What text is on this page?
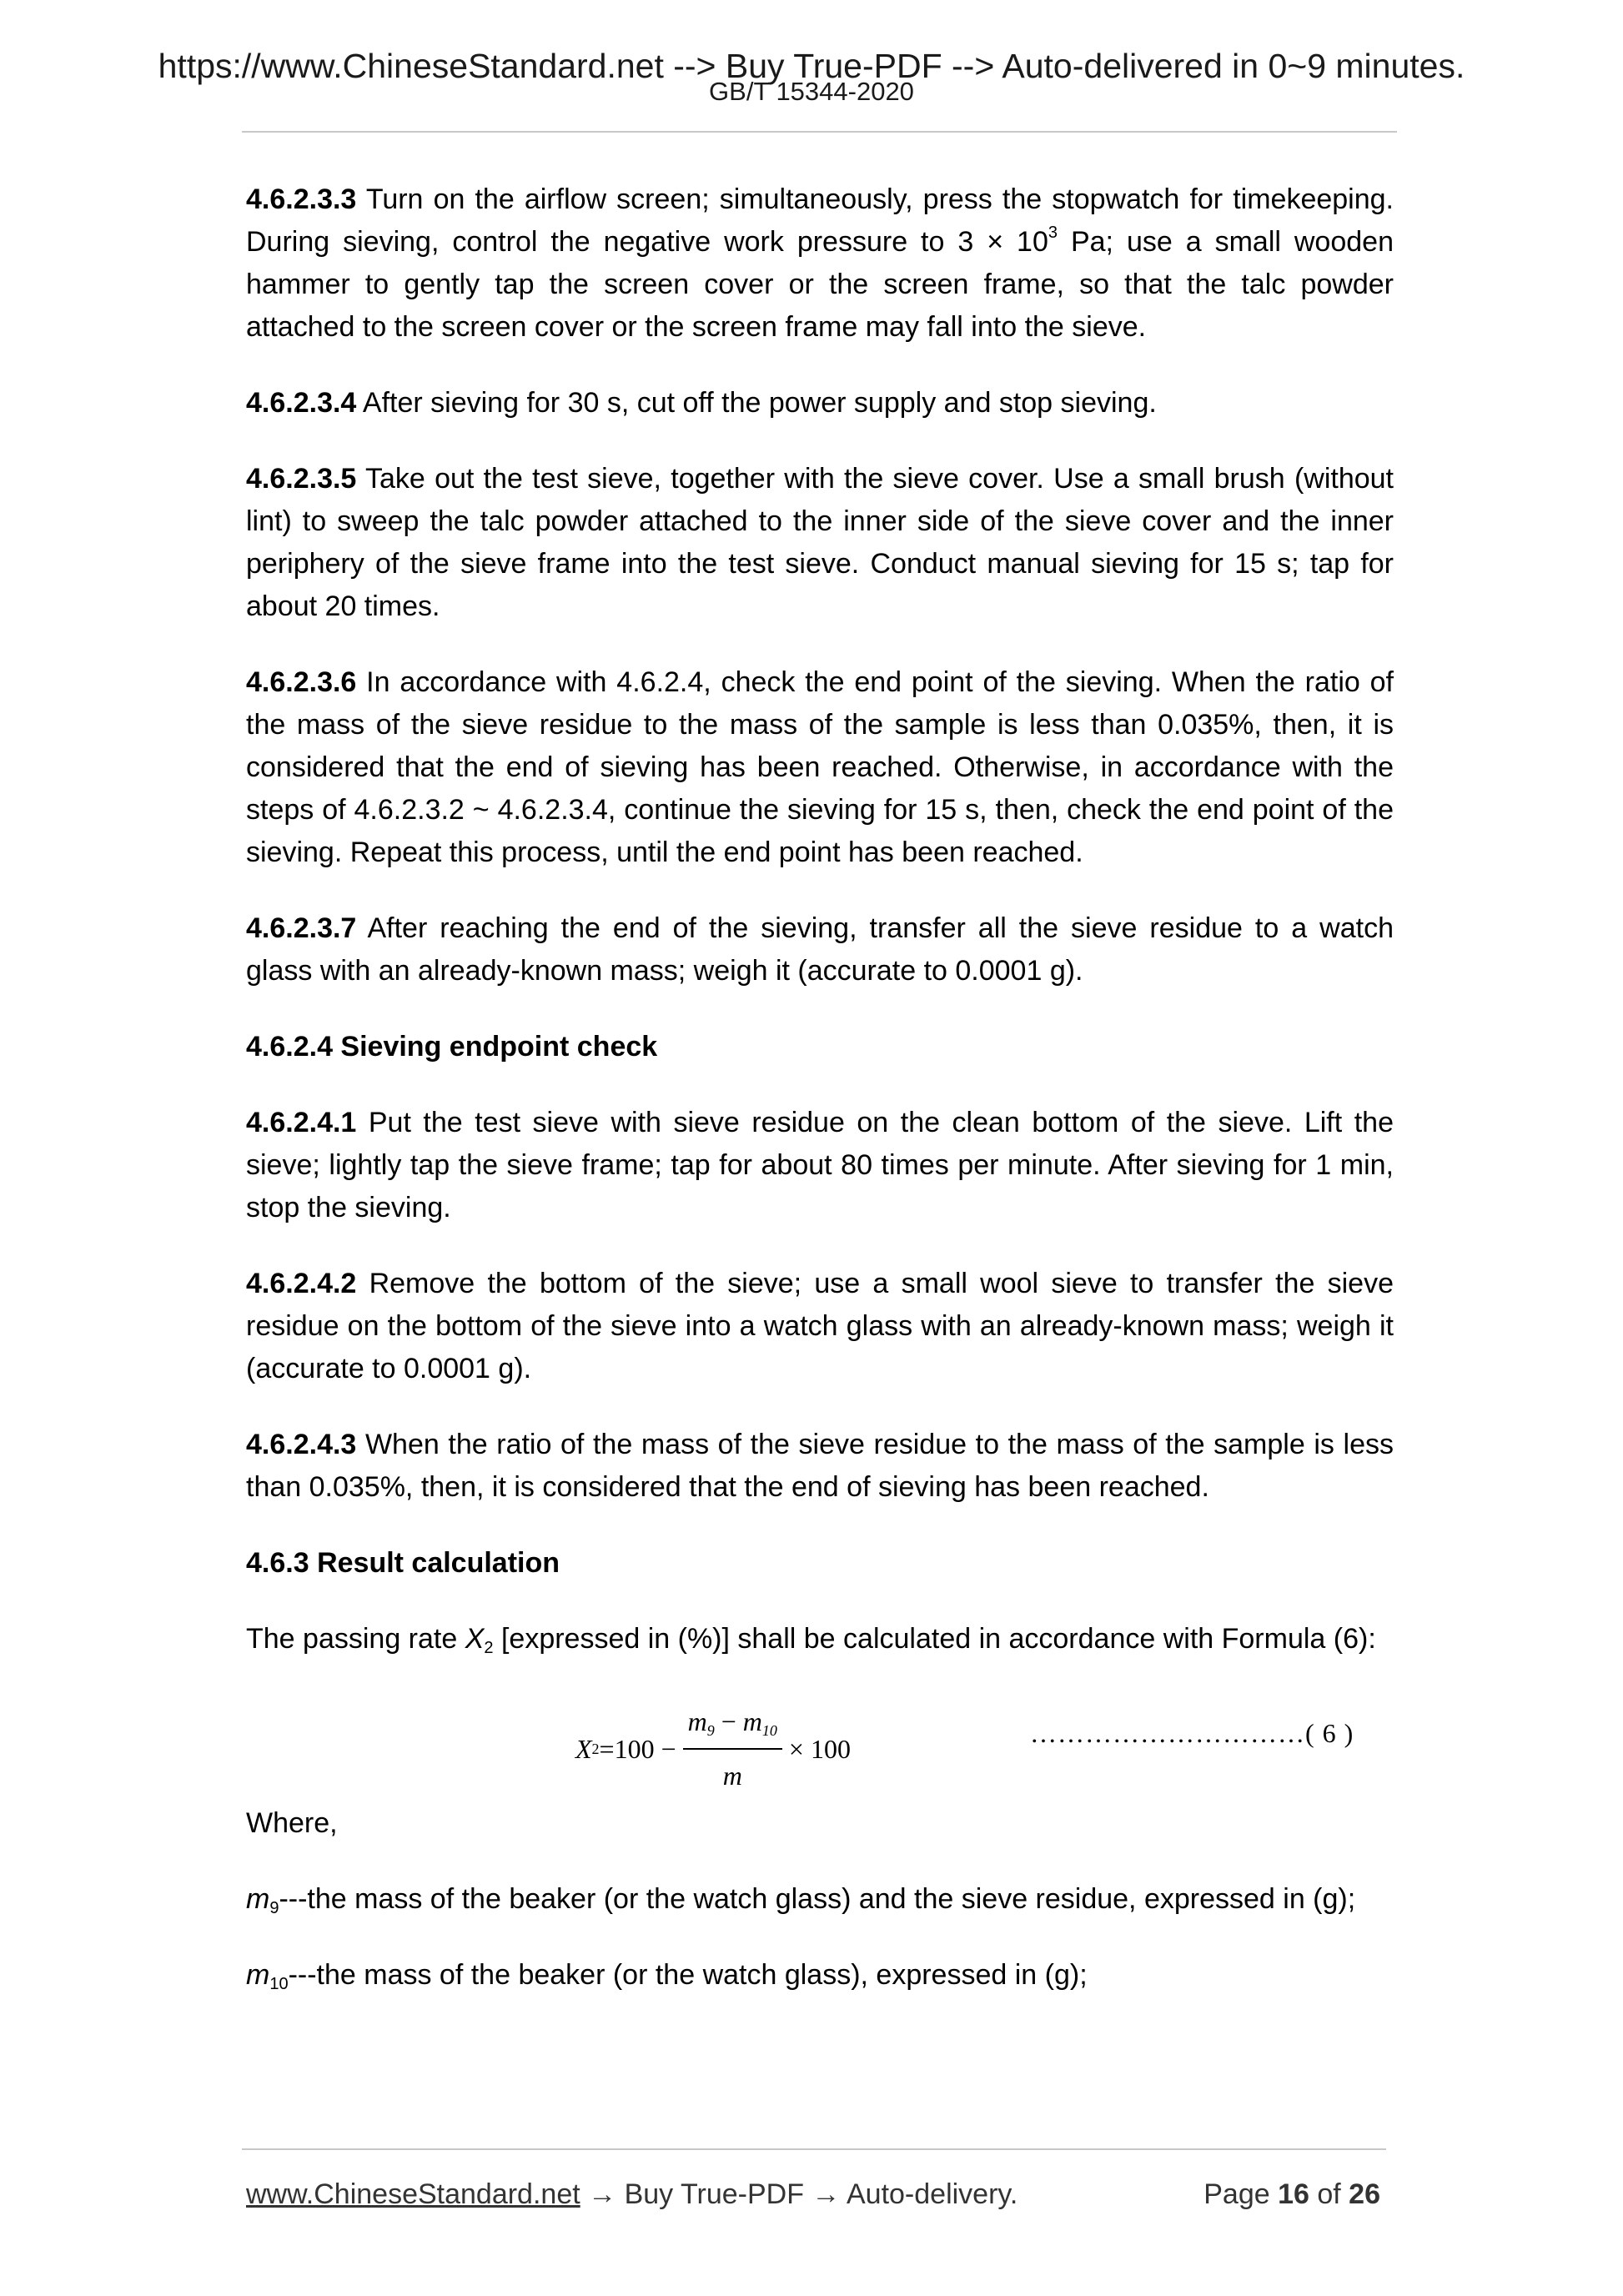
https://www.ChineseStandard.net --> Buy True-PDF --> Auto-delivered in 0~9 minutes.
GB/T 15344-2020

4.6.2.3.3 Turn on the airflow screen; simultaneously, press the stopwatch for timekeeping. During sieving, control the negative work pressure to $3 \times 10^3$ Pa; use a small wooden hammer to gently tap the screen cover or the screen frame, so that the talc powder attached to the screen cover or the screen frame may fall into the sieve.

4.6.2.3.4 After sieving for 30 s, cut off the power supply and stop sieving.

4.6.2.3.5 Take out the test sieve, together with the sieve cover. Use a small brush (without lint) to sweep the talc powder attached to the inner side of the sieve cover and the inner periphery of the sieve frame into the test sieve. Conduct manual sieving for 15 s; tap for about 20 times.

4.6.2.3.6 In accordance with 4.6.2.4, check the end point of the sieving. When the ratio of the mass of the sieve residue to the mass of the sample is less than 0.035%, then, it is considered that the end of sieving has been reached. Otherwise, in accordance with the steps of 4.6.2.3.2 ~ 4.6.2.3.4, continue the sieving for 15 s, then, check the end point of the sieving. Repeat this process, until the end point has been reached.

4.6.2.3.7 After reaching the end of the sieving, transfer all the sieve residue to a watch glass with an already-known mass; weigh it (accurate to 0.0001 g).

4.6.2.4 Sieving endpoint check

4.6.2.4.1 Put the test sieve with sieve residue on the clean bottom of the sieve. Lift the sieve; lightly tap the sieve frame; tap for about 80 times per minute. After sieving for 1 min, stop the sieving.

4.6.2.4.2 Remove the bottom of the sieve; use a small wool sieve to transfer the sieve residue on the bottom of the sieve into a watch glass with an already-known mass; weigh it (accurate to 0.0001 g).

4.6.2.4.3 When the ratio of the mass of the sieve residue to the mass of the sample is less than 0.035%, then, it is considered that the end of sieving has been reached.

4.6.3 Result calculation

The passing rate $X_2$ [expressed in (%)] shall be calculated in accordance with Formula (6):

X $2 =100 - \frac{m_9 - m_{10}}{m} \times 100$
…………………………( 6 )

Where,

$m_9--$-the mass of the beaker (or the watch glass) and the sieve residue, expressed in (g);

$m_{10}--$-the mass of the beaker (or the watch glass), expressed in (g);

www.ChineseStandard.net → Buy True-PDF → Auto-delivery.	Page 16 of 26
